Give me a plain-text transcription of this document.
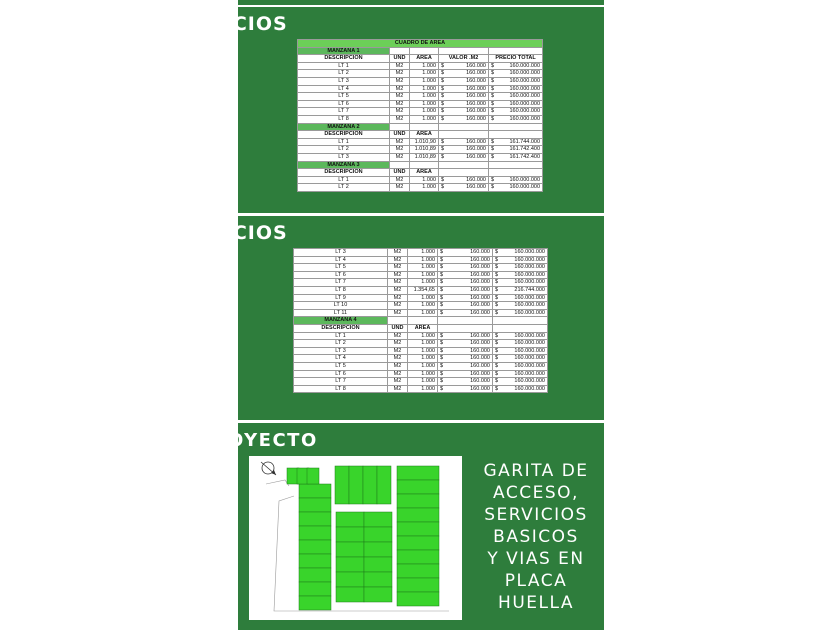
LISTA DE PRECIOS
LISTA DE PRECIOS
PLANOS DEL PROYECTO
CUADRO DE AREA				
MANZANA 1				
DESCRIPCION	UND	AREA	VALOR .M2	PRECIO TOTAL
LT 1	M2	1.000	$ 160.000	$ 160.000.000

LT 2	M2	1.000	$ 160.000	$ 160.000.000

LT 3	M2	1.000	$ 160.000	$ 160.000.000

LT 4	M2	1.000	$ 160.000	$ 160.000.000

LT 5	M2	1.000	$ 160.000	$ 160.000.000

LT 6	M2	1.000	$ 160.000	$ 160.000.000

LT 7	M2	1.000	$ 160.000	$ 160.000.000

LT 8	M2	1.000	$ 160.000	$ 160.000.000

MANZANA 2				
DESCRIPCION	UND	AREA		
LT 1	M2	1.010,90	$ 160.000	$ 161.744.000

LT 2	M2	1.010,89	$ 160.000	$ 161.742.400

LT 3	M2	1.010,89	$ 160.000	$ 161.742.400

MANZANA 3				
DESCRIPCION	UND	AREA		
LT 1	M2	1.000	$ 160.000	$ 160.000.000

LT 2	M2	1.000	$ 160.000	$ 160.000.000
LT 3	M2	1.000	$ 160.000	$ 160.000.000

LT 4	M2	1.000	$ 160.000	$ 160.000.000

LT 5	M2	1.000	$ 160.000	$ 160.000.000

LT 6	M2	1.000	$ 160.000	$ 160.000.000

LT 7	M2	1.000	$ 160.000	$ 160.000.000

LT 8	M2	1.354,65	$ 160.000	$ 216.744.000

LT 9	M2	1.000	$ 160.000	$ 160.000.000

LT 10	M2	1.000	$ 160.000	$ 160.000.000

LT 11	M2	1.000	$ 160.000	$ 160.000.000

MANZANA 4				
DESCRIPCION	UND	AREA		
LT 1	M2	1.000	$ 160.000	$ 160.000.000

LT 2	M2	1.000	$ 160.000	$ 160.000.000

LT 3	M2	1.000	$ 160.000	$ 160.000.000

LT 4	M2	1.000	$ 160.000	$ 160.000.000

LT 5	M2	1.000	$ 160.000	$ 160.000.000

LT 6	M2	1.000	$ 160.000	$ 160.000.000

LT 7	M2	1.000	$ 160.000	$ 160.000.000

LT 8	M2	1.000	$ 160.000	$ 160.000.000
GARITA DE
ACCESO,
SERVICIOS
BASICOS
Y VIAS EN
PLACA
HUELLA
